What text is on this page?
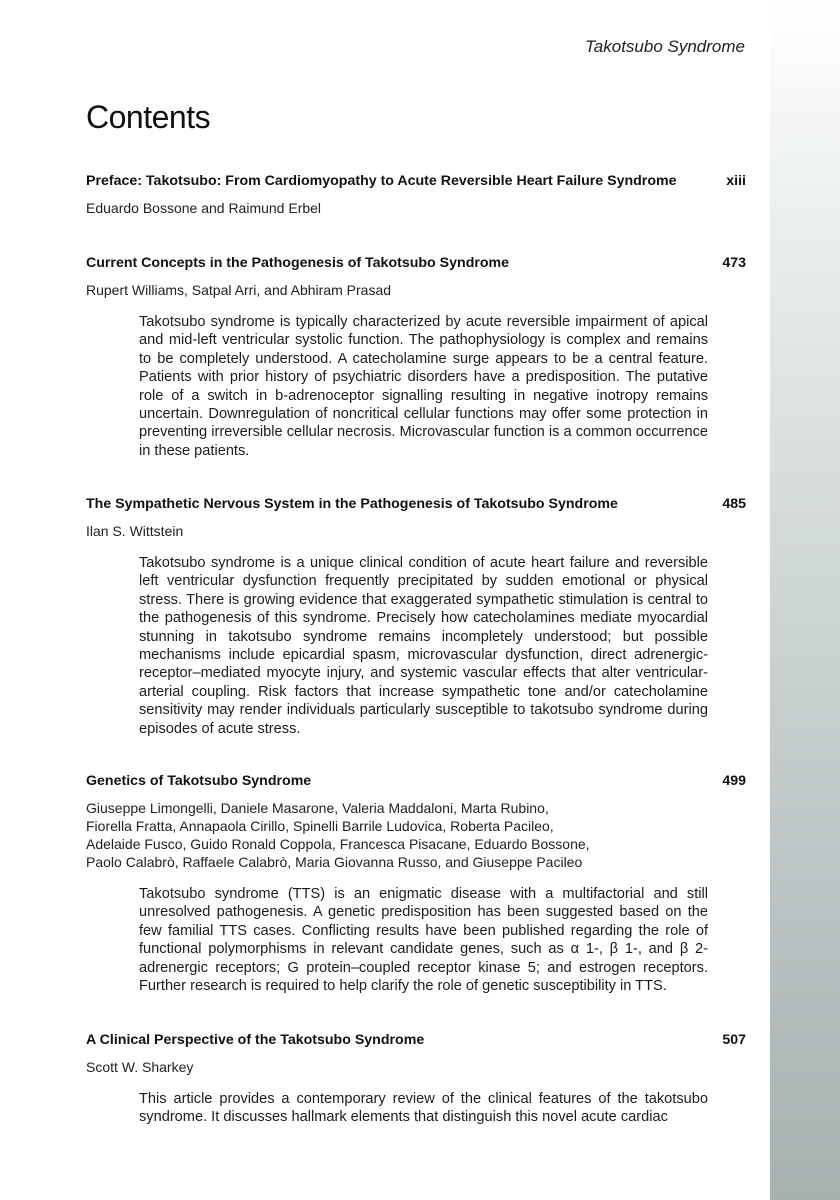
Takotsubo Syndrome
Contents
Preface: Takotsubo: From Cardiomyopathy to Acute Reversible Heart Failure Syndrome	xiii
Eduardo Bossone and Raimund Erbel
Current Concepts in the Pathogenesis of Takotsubo Syndrome	473
Rupert Williams, Satpal Arri, and Abhiram Prasad

Takotsubo syndrome is typically characterized by acute reversible impairment of apical and mid-left ventricular systolic function. The pathophysiology is complex and remains to be completely understood. A catecholamine surge appears to be a central feature. Patients with prior history of psychiatric disorders have a predisposition. The putative role of a switch in b-adrenoceptor signalling resulting in negative inotropy remains uncertain. Downregulation of noncritical cellular functions may offer some protection in preventing irreversible cellular necrosis. Microvascular function is a common occurrence in these patients.

The Sympathetic Nervous System in the Pathogenesis of Takotsubo Syndrome	485
Ilan S. Wittstein

Takotsubo syndrome is a unique clinical condition of acute heart failure and reversible left ventricular dysfunction frequently precipitated by sudden emotional or physical stress. There is growing evidence that exaggerated sympathetic stimulation is central to the pathogenesis of this syndrome. Precisely how catecholamines mediate myocardial stunning in takotsubo syndrome remains incompletely understood; but possible mechanisms include epicardial spasm, microvascular dysfunction, direct adrenergic-receptor–mediated myocyte injury, and systemic vascular effects that alter ventricular-arterial coupling. Risk factors that increase sympathetic tone and/or catecholamine sensitivity may render individuals particularly susceptible to takotsubo syndrome during episodes of acute stress.

Genetics of Takotsubo Syndrome	499
Giuseppe Limongelli, Daniele Masarone, Valeria Maddaloni, Marta Rubino,
Fiorella Fratta, Annapaola Cirillo, Spinelli Barrile Ludovica, Roberta Pacileo,
Adelaide Fusco, Guido Ronald Coppola, Francesca Pisacane, Eduardo Bossone,
Paolo Calabrò, Raffaele Calabrò, Maria Giovanna Russo, and Giuseppe Pacileo

Takotsubo syndrome (TTS) is an enigmatic disease with a multifactorial and still unresolved pathogenesis. A genetic predisposition has been suggested based on the few familial TTS cases. Conflicting results have been published regarding the role of functional polymorphisms in relevant candidate genes, such as α 1-, β 1-, and β 2-adrenergic receptors; G protein–coupled receptor kinase 5; and estrogen receptors. Further research is required to help clarify the role of genetic susceptibility in TTS.

A Clinical Perspective of the Takotsubo Syndrome	507
Scott W. Sharkey

This article provides a contemporary review of the clinical features of the takotsubo syndrome. It discusses hallmark elements that distinguish this novel acute cardiac
